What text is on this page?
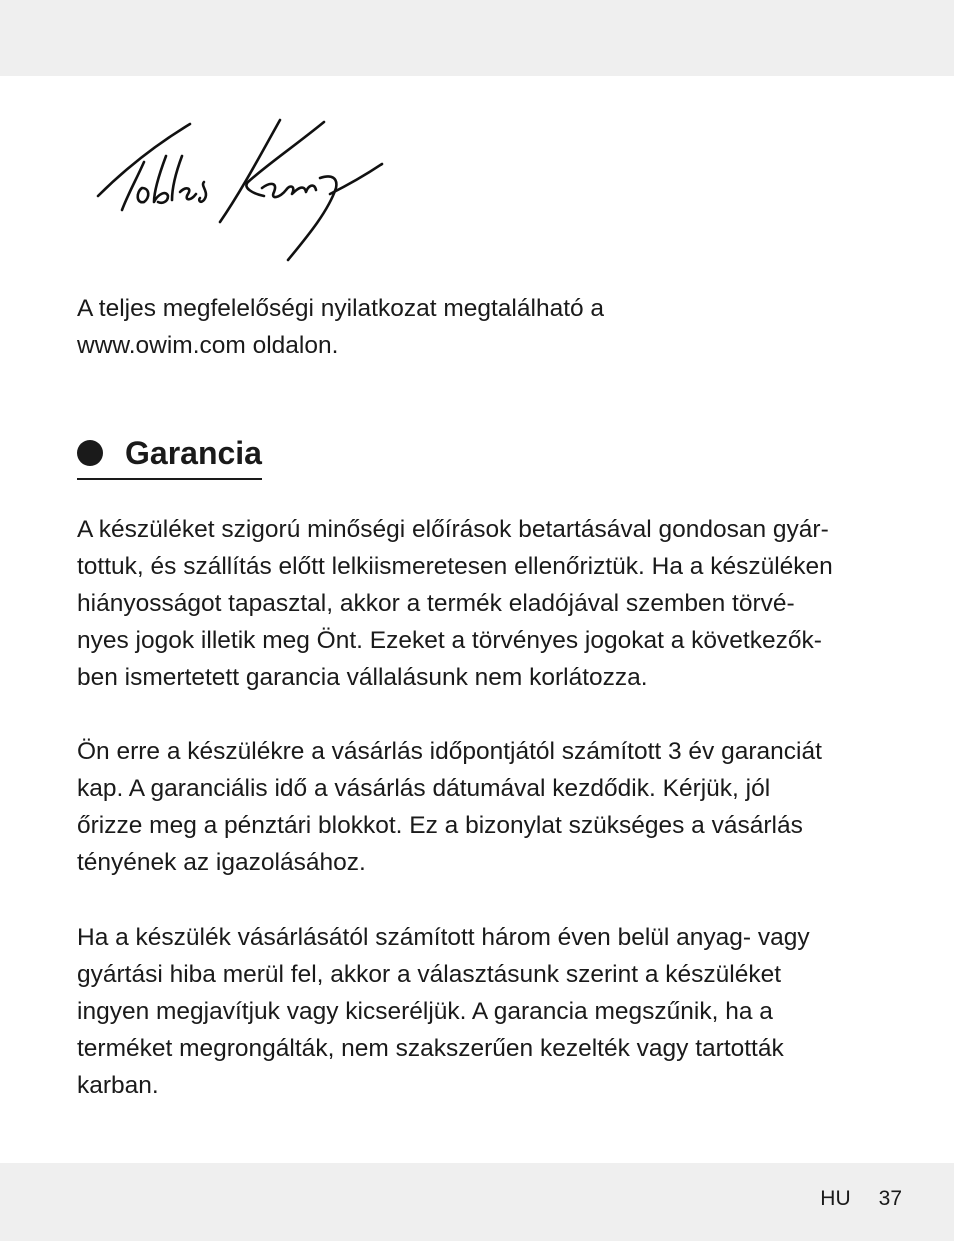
A teljes megfelelőségi nyilatkozat megtalálható a
www.owim.com oldalon.

Garancia

A készüléket szigorú minőségi előírások betartásával gondosan gyár-
tottuk, és szállítás előtt lelkiismeretesen ellenőriztük. Ha a készüléken
hiányosságot tapasztal, akkor a termék eladójával szemben törvé-
nyes jogok illetik meg Önt. Ezeket a törvényes jogokat a következők-
ben ismertetett garancia vállalásunk nem korlátozza.

Ön erre a készülékre a vásárlás időpontjától számított 3 év garanciát
kap. A garanciális idő a vásárlás dátumával kezdődik. Kérjük, jól
őrizze meg a pénztári blokkot. Ez a bizonylat szükséges a vásárlás
tényének az igazolásához.

Ha a készülék vásárlásától számított három éven belül anyag- vagy
gyártási hiba merül fel, akkor a választásunk szerint a készüléket
ingyen megjavítjuk vagy kicseréljük. A garancia megszűnik, ha a
terméket megrongálták, nem szakszerűen kezelték vagy tartották
karban.

HU 37
